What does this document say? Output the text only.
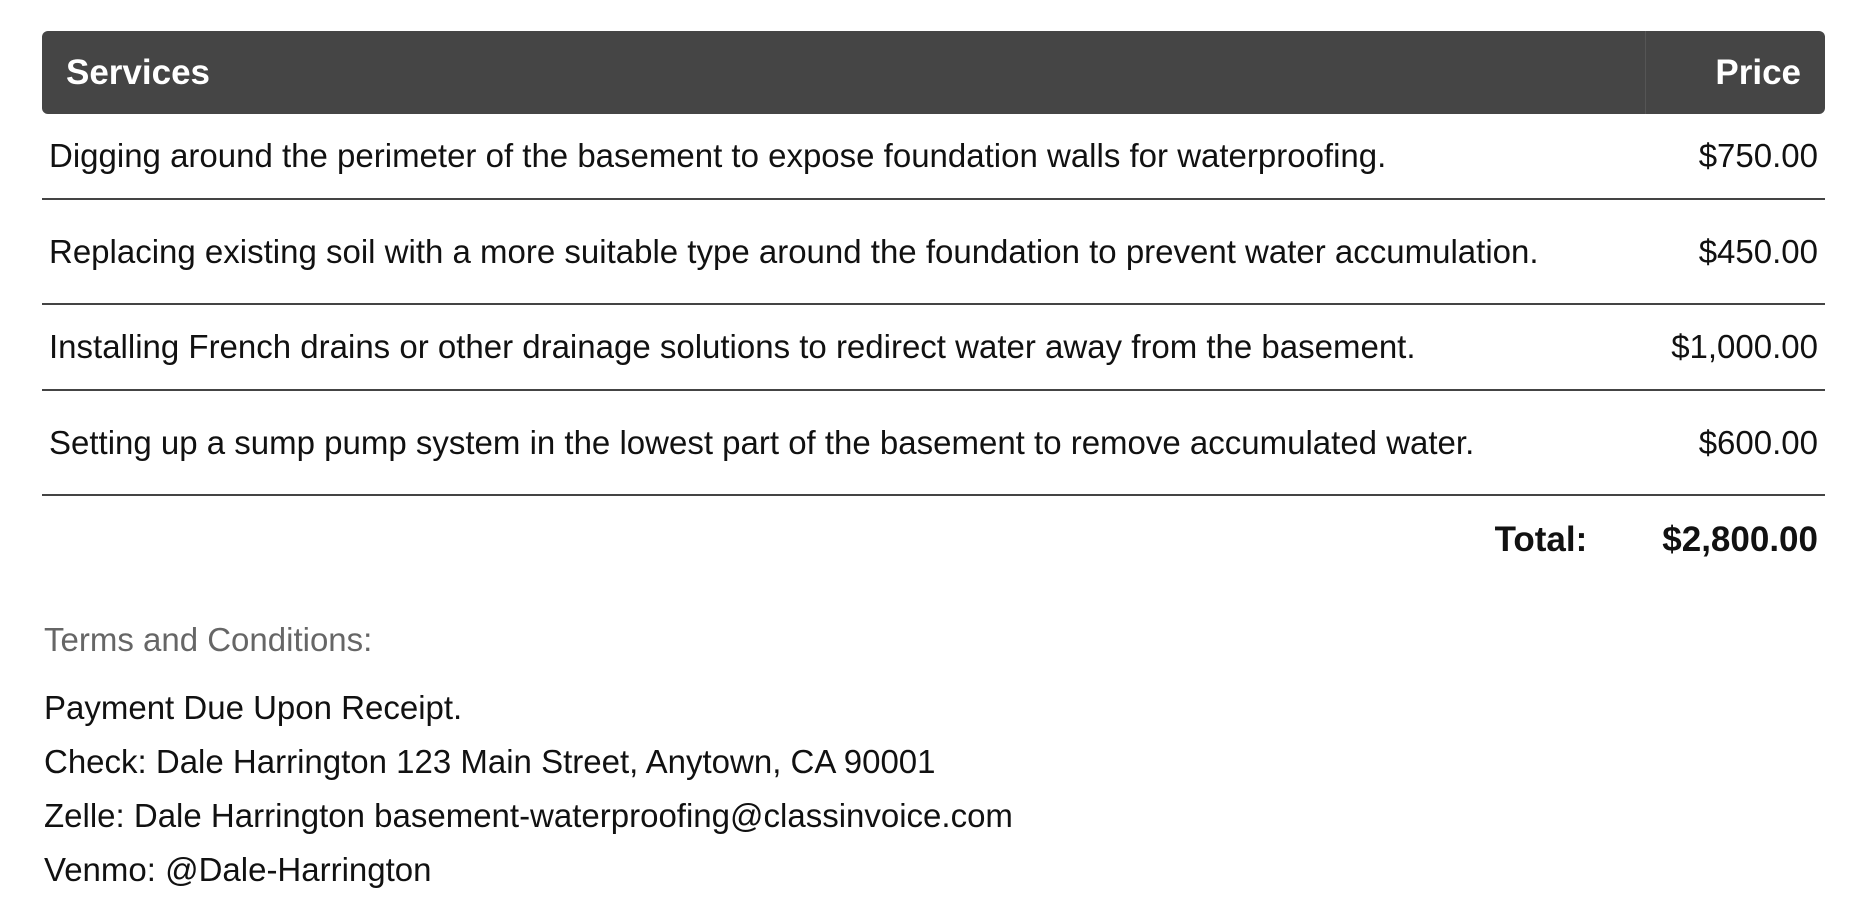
Services	Price
Digging around the perimeter of the basement to expose foundation walls for waterproofing.	$750.00
Replacing existing soil with a more suitable type around the foundation to prevent water accumulation.	$450.00
Installing French drains or other drainage solutions to redirect water away from the basement.	$1,000.00
Setting up a sump pump system in the lowest part of the basement to remove accumulated water.	$600.00
Total: $2,800.00
Terms and Conditions:
Payment Due Upon Receipt.
Check: Dale Harrington 123 Main Street, Anytown, CA 90001
Zelle: Dale Harrington basement-waterproofing@classinvoice.com
Venmo: @Dale-Harrington
